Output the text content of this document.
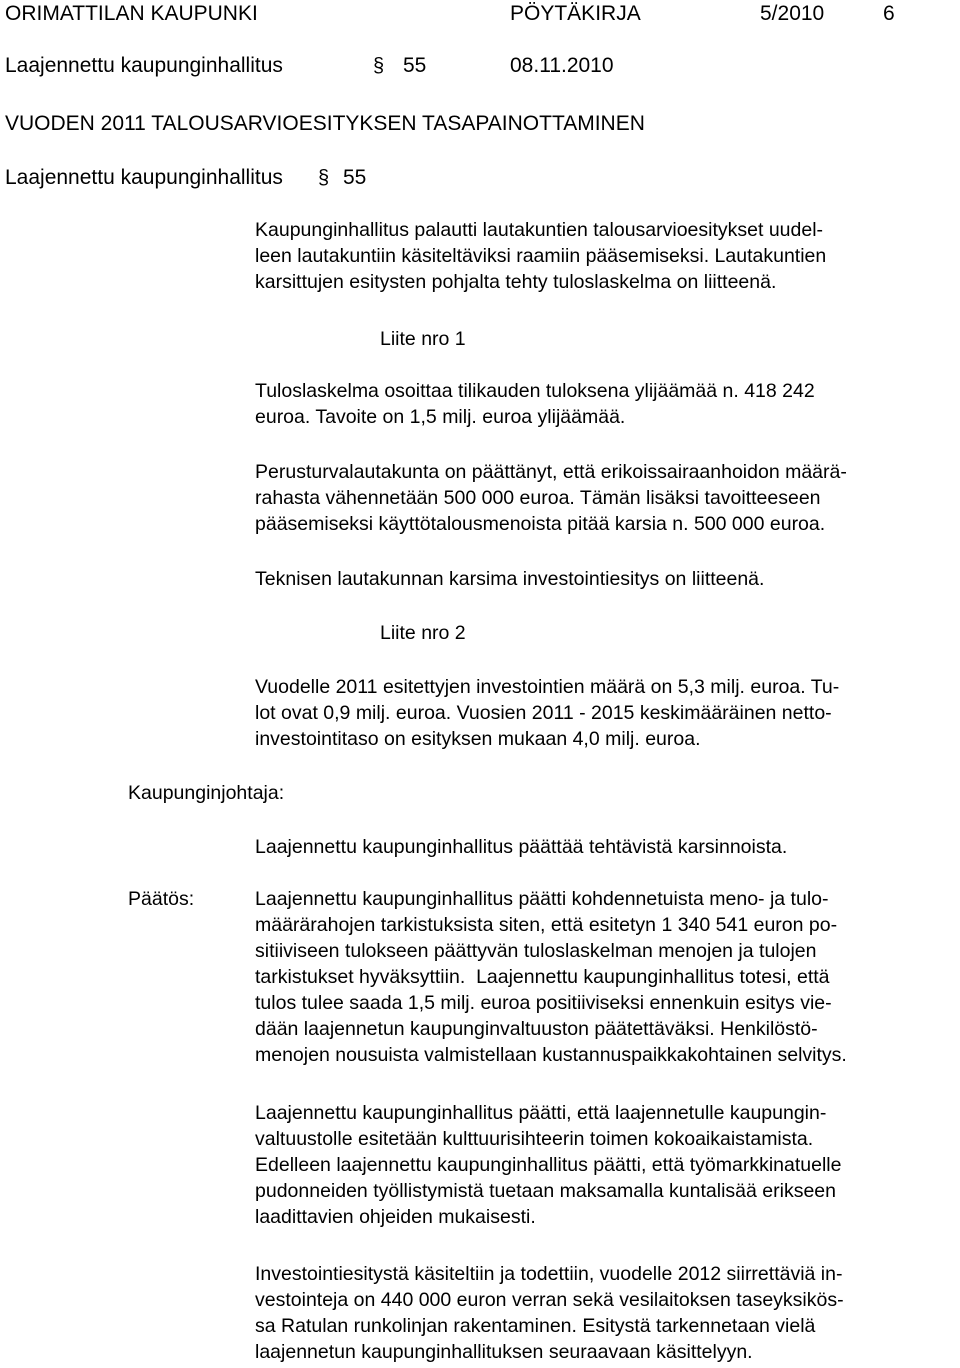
ORIMATTILAN KAUPUNKI	PÖYTÄKIRJA	5/2010	6
Laajennettu kaupunginhallitus	§ 55	08.11.2010
VUODEN 2011 TALOUSARVIOESITYKSEN TASAPAINOTTAMINEN
Laajennettu kaupunginhallitus § 55
Kaupunginhallitus palautti lautakuntien talousarvioesitykset uudel-
leen lautakuntiin käsiteltäviksi raamiin pääsemiseksi. Lautakuntien
karsittujen esitysten pohjalta tehty tuloslaskelma on liitteenä.
Liite nro 1
Tuloslaskelma osoittaa tilikauden tuloksena ylijäämää n. 418 242
euroa. Tavoite on 1,5 milj. euroa ylijäämää.
Perusturvalautakunta on päättänyt, että erikoissairaanhoidon määrä-
rahasta vähennetään 500 000 euroa. Tämän lisäksi tavoitteeseen
pääsemiseksi käyttötalousmenoista pitää karsia n. 500 000 euroa.
Teknisen lautakunnan karsima investointiesitys on liitteenä.
Liite nro 2
Vuodelle 2011 esitettyjen investointien määrä on 5,3 milj. euroa. Tu-
lot ovat 0,9 milj. euroa. Vuosien 2011 - 2015 keskimääräinen netto-
investointitaso on esityksen mukaan 4,0 milj. euroa.
Kaupunginjohtaja:
Laajennettu kaupunginhallitus päättää tehtävistä karsinnoista.
Päätös:	Laajennettu kaupunginhallitus päätti kohdennetuista meno- ja tulo-
määrärahojen tarkistuksista siten, että esitetyn 1 340 541 euron po-
sitiiviseen tulokseen päättyvän tuloslaskelman menojen ja tulojen
tarkistukset hyväksyttiin.  Laajennettu kaupunginhallitus totesi, että
tulos tulee saada 1,5 milj. euroa positiiviseksi ennenkuin esitys vie-
dään laajennetun kaupunginvaltuuston päätettäväksi. Henkilöstö-
menojen nousuista valmistellaan kustannuspaikkakohtainen selvitys.
Laajennettu kaupunginhallitus päätti, että laajennetulle kaupungin-
valtuustolle esitetään kulttuurisihteerin toimen kokoaikaistamista.
Edelleen laajennettu kaupunginhallitus päätti, että työmarkkinatuelle
pudonneiden työllistymistä tuetaan maksamalla kuntalisää erikseen
laadittavien ohjeiden mukaisesti.
Investointiesitystä käsiteltiin ja todettiin, vuodelle 2012 siirrettäviä in-
vestointeja on 440 000 euron verran sekä vesilaitoksen taseyksikös-
sa Ratulan runkolinjan rakentaminen. Esitystä tarkennetaan vielä
laajennetun kaupunginhallituksen seuraavaan käsittelyyn.
